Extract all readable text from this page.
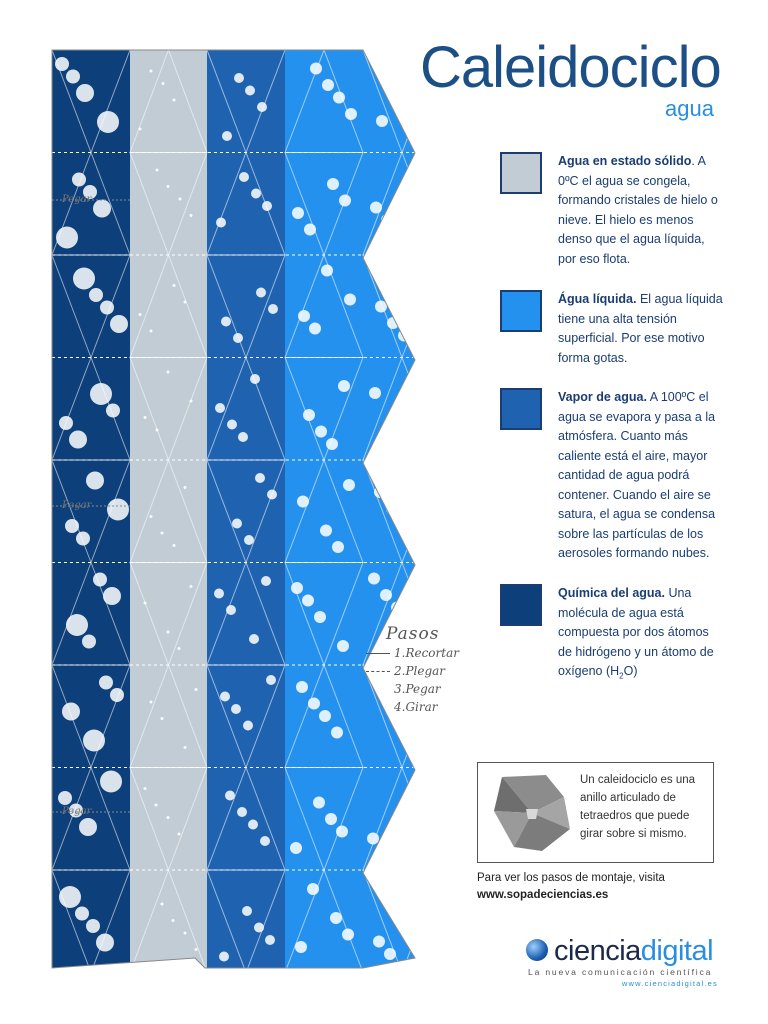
Pegar
Pegar
Pegar
Caleidociclo
agua
Agua en estado sólido. A 0ºC el agua se congela, formando cristales de hielo o nieve. El hielo es menos denso que el agua líquida, por eso flota.
Água líquida. El agua líquida tiene una alta tensión superficial. Por ese motivo forma gotas.
Vapor de agua. A 100ºC el agua se evapora y pasa a la atmósfera. Cuanto más caliente está el aire, mayor cantidad de agua podrá contener. Cuando el aire se satura, el agua se condensa sobre las partículas de los aerosoles formando nubes.
Química del agua. Una molécula de agua está compuesta por dos átomos de hidrógeno y un átomo de oxígeno $(H_2O)$
Pasos
1.Recortar
2.Plegar
3.Pegar
4.Girar
Un caleidociclo es una anillo articulado de tetraedros que puede girar sobre si mismo.
Para ver los pasos de montaje, visita
www.sopadeciencias.es
cienciadigital
La nueva comunicación científica
www.cienciadigital.es
